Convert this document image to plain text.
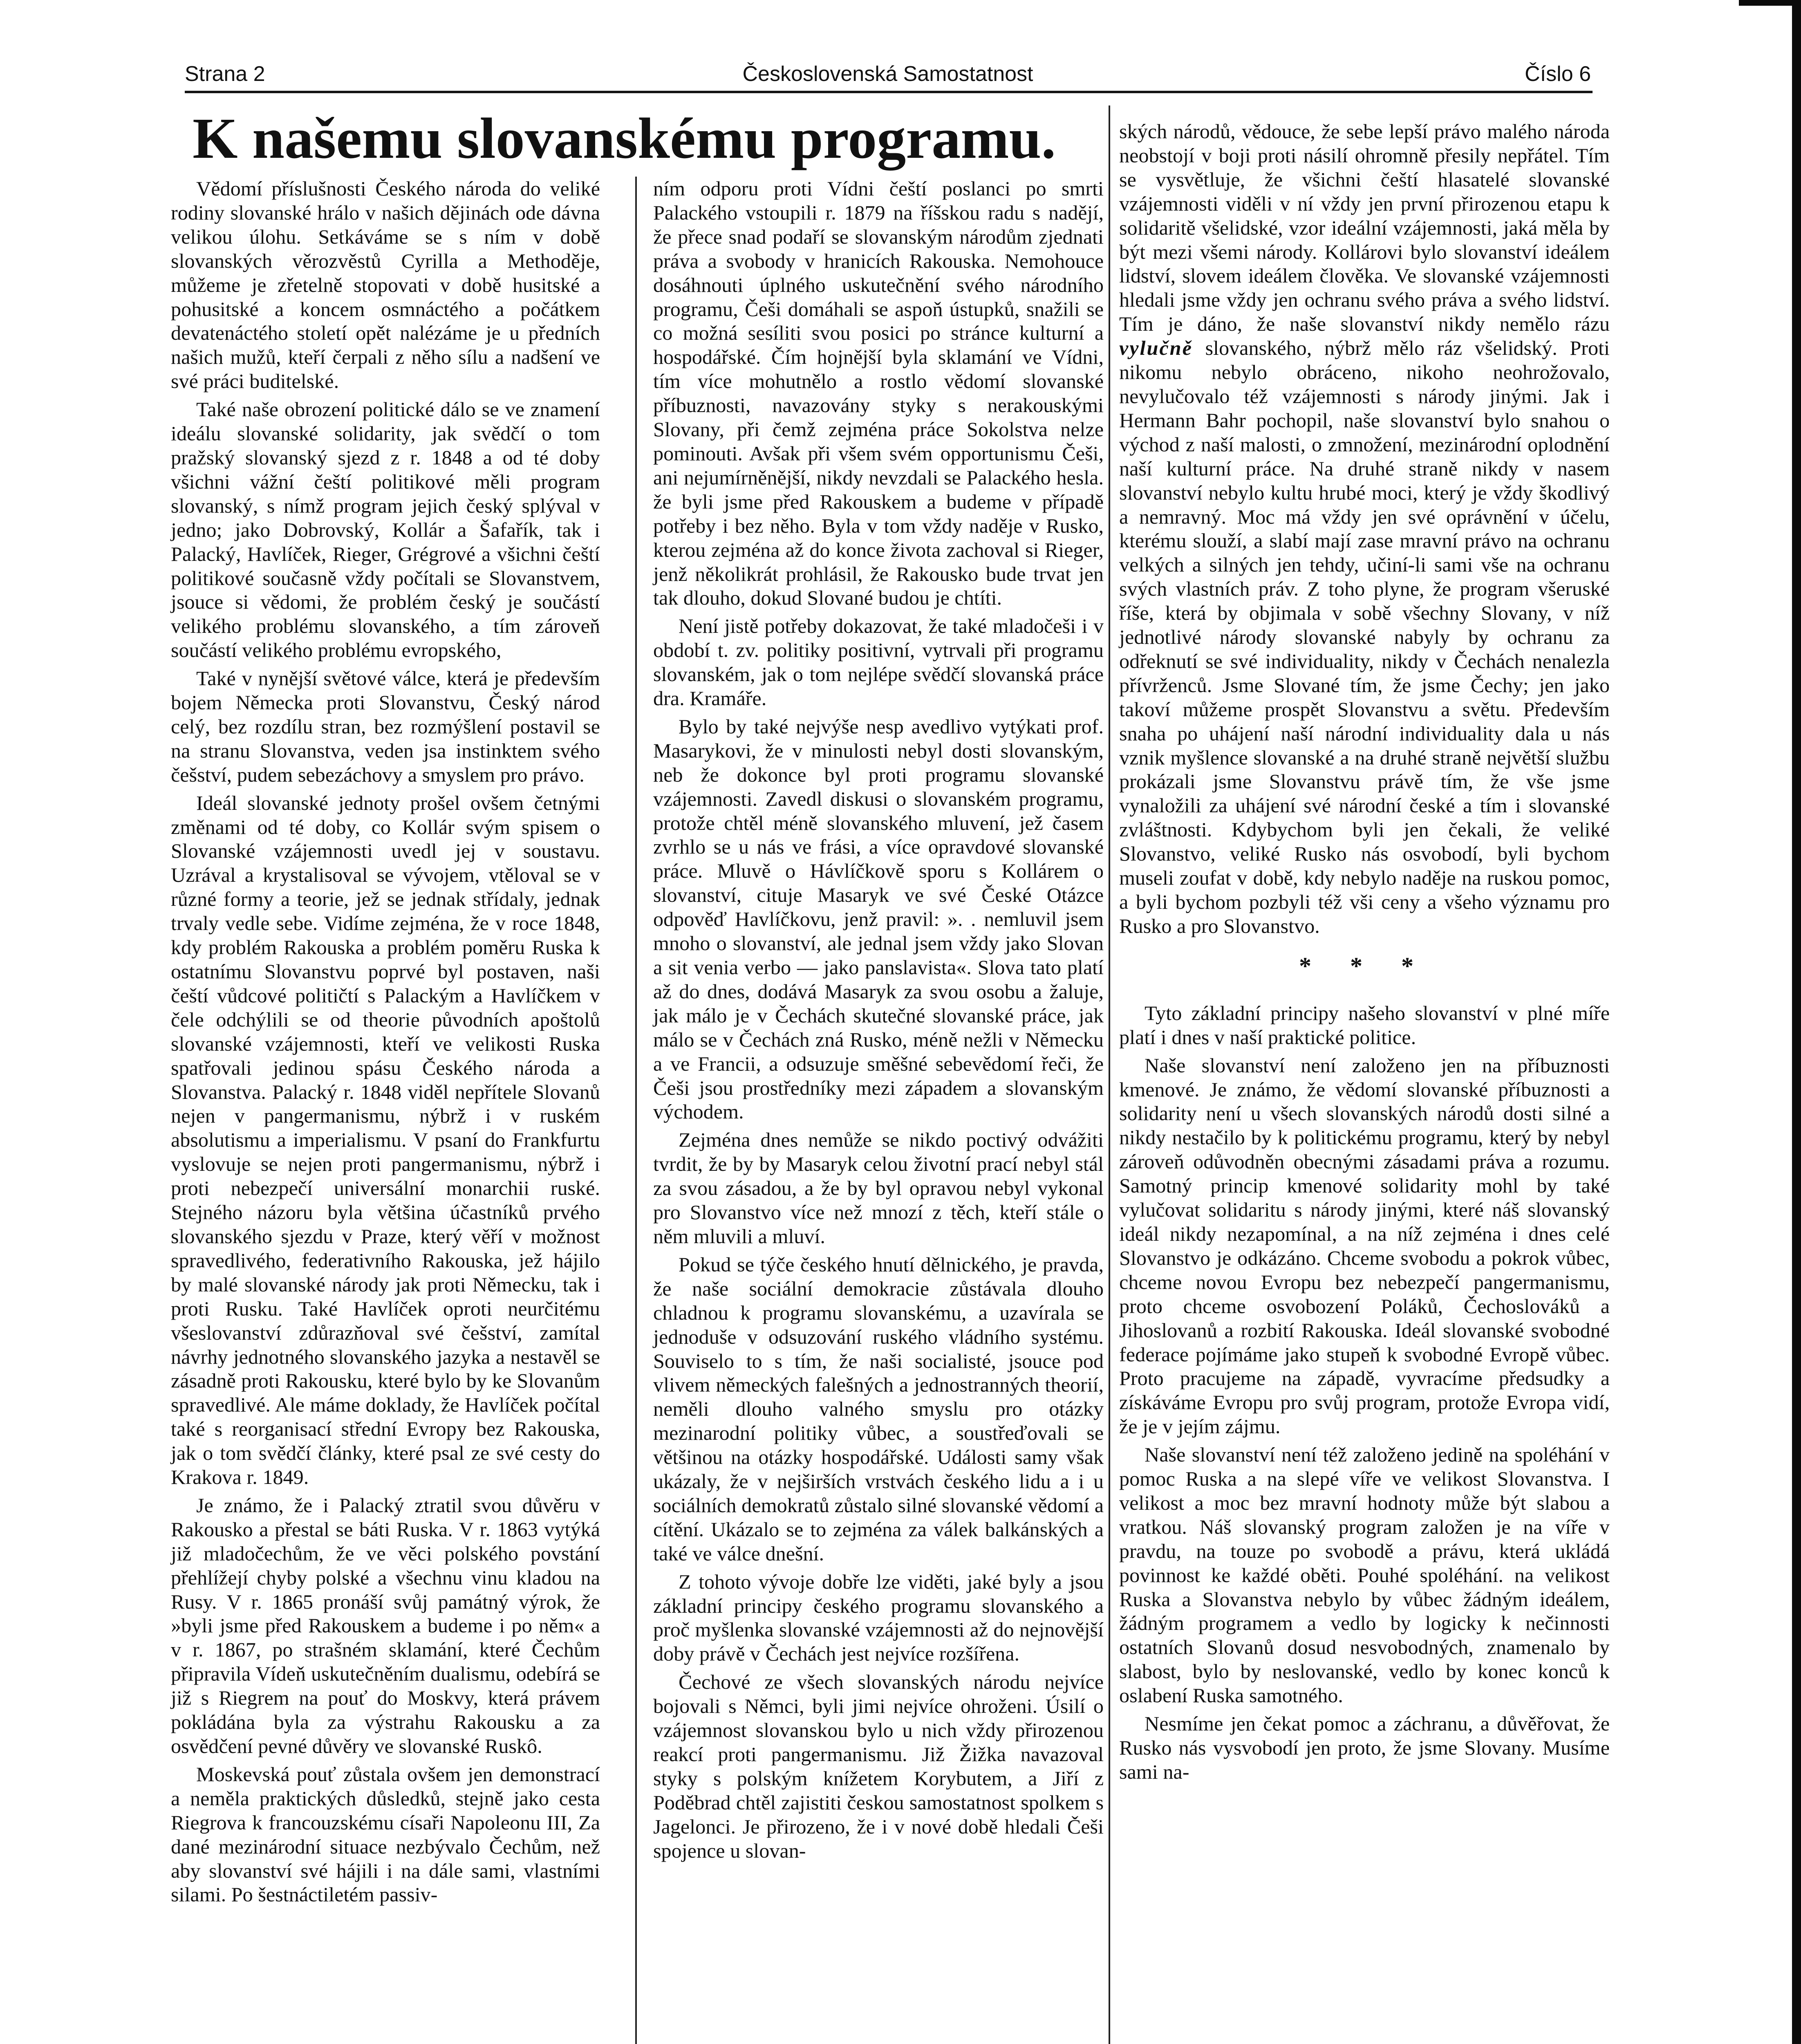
Strana 2	Československá Samostatnost	Číslo 6
K našemu slovanskému programu.

Vědomí příslušnosti Českého národa do veliké rodiny slovanské hrálo v našich dějinách ode dávna velikou úlohu. Setkáváme se s ním v době slovanských věrozvěstů Cyrilla a Methoděje, můžeme je zřetelně stopovati v době husitské a pohusitské a koncem osmnáctého a počátkem devatenáctého století opět nalézáme je u předních našich mužů, kteří čerpali z něho sílu a nadšení ve své práci buditelské.

Také naše obrození politické dálo se ve znamení ideálu slovanské solidarity, jak svědčí o tom pražský slovanský sjezd z r. 1848 a od té doby všichni vážní čeští politikové měli program slovanský, s nímž program jejich český splýval v jedno; jako Dobrovský, Kollár a Šafařík, tak i Palacký, Havlíček, Rieger, Grégrové a všichni čeští politikové současně vždy počítali se Slovanstvem, jsouce si vědomi, že problém český je součástí velikého problému slovanského, a tím zároveň součástí velikého problému evropského,

Také v nynější světové válce, která je především bojem Německa proti Slovanstvu, Český národ celý, bez rozdílu stran, bez rozmýšlení postavil se na stranu Slovanstva, veden jsa instinktem svého češství, pudem sebezáchovy a smyslem pro právo.

Ideál slovanské jednoty prošel ovšem četnými změnami od té doby, co Kollár svým spisem o Slovanské vzájemnosti uvedl jej v soustavu. Uzrával a krystalisoval se vývojem, vtěloval se v různé formy a teorie, jež se jednak střídaly, jednak trvaly vedle sebe. Vidíme zejména, že v roce 1848, kdy problém Rakouska a problém poměru Ruska k ostatnímu Slovanstvu poprvé byl postaven, naši čeští vůdcové političtí s Palackým a Havlíčkem v čele odchýlili se od theorie původních apoštolů slovanské vzájemnosti, kteří ve velikosti Ruska spatřovali jedinou spásu Českého národa a Slovanstva. Palacký r. 1848 viděl nepřítele Slovanů nejen v pangermanismu, nýbrž i v ruském absolutismu a imperialismu. V psaní do Frankfurtu vyslovuje se nejen proti pangermanismu, nýbrž i proti nebezpečí universální monarchii ruské. Stejného názoru byla většina účastníků prvého slovanského sjezdu v Praze, který věří v možnost spravedlivého, federativního Rakouska, jež hájilo by malé slovanské národy jak proti Německu, tak i proti Rusku. Také Havlíček oproti neurčitému všeslovanství zdůrazňoval své češství, zamítal návrhy jednotného slovanského jazyka a nestavěl se zásadně proti Rakousku, které bylo by ke Slovanům spravedlivé. Ale máme doklady, že Havlíček počítal také s reorganisací střední Evropy bez Rakouska, jak o tom svědčí články, které psal ze své cesty do Krakova r. 1849.

Je známo, že i Palacký ztratil svou důvěru v Rakousko a přestal se báti Ruska. V r. 1863 vytýká již mladočechům, že ve věci polského povstání přehlížejí chyby polské a všechnu vinu kladou na Rusy. V r. 1865 pronáší svůj památný výrok, že »byli jsme před Rakouskem a budeme i po něm« a v r. 1867, po strašném sklamání, které Čechům připravila Vídeň uskutečněním dualismu, odebírá se již s Riegrem na pouť do Moskvy, která právem pokládána byla za výstrahu Rakousku a za osvědčení pevné důvěry ve slovanské Ruskô.

Moskevská pouť zůstala ovšem jen demonstrací a neměla praktických důsledků, stejně jako cesta Riegrova k francouzskému císaři Napoleonu III, Za dané mezinárodní situace nezbývalo Čechům, než aby slovanství své hájili i na dále sami, vlastními silami. Po šestnáctiletém passiv-

ním odporu proti Vídni čeští poslanci po smrti Palackého vstoupili r. 1879 na říšskou radu s nadějí, že přece snad podaří se slovanským národům zjednati práva a svobody v hranicích Rakouska. Nemohouce dosáhnouti úplného uskutečnění svého národního programu, Češi domáhali se aspoň ústupků, snažili se co možná sesíliti svou posici po stránce kulturní a hospodářské. Čím hojnější byla sklamání ve Vídni, tím více mohutnělo a rostlo vědomí slovanské příbuznosti, navazovány styky s nerakouskými Slovany, při čemž zejména práce Sokolstva nelze pominouti. Avšak při všem svém opportunismu Češi, ani nejumírněnější, nikdy nevzdali se Palackého hesla. že byli jsme před Rakouskem a budeme v případě potřeby i bez něho. Byla v tom vždy naděje v Rusko, kterou zejména až do konce života zachoval si Rieger, jenž několikrát prohlásil, že Rakousko bude trvat jen tak dlouho, dokud Slované budou je chtíti.

Není jistě potřeby dokazovat, že také mladočeši i v období t. zv. politiky positivní, vytrvali při programu slovanském, jak o tom nejlépe svědčí slovanská práce dra. Kramáře.

Bylo by také nejvýše nesp avedlivo vytýkati prof. Masarykovi, že v minulosti nebyl dosti slovanským, neb že dokonce byl proti programu slovanské vzájemnosti. Zavedl diskusi o slovanském programu, protože chtěl méně slovanského mluvení, jež časem zvrhlo se u nás ve frási, a více opravdové slovanské práce. Mluvě o Hávlíčkově sporu s Kollárem o slovanství, cituje Masaryk ve své České Otázce odpověď Havlíčkovu, jenž pravil: ». . nemluvil jsem mnoho o slovanství, ale jednal jsem vždy jako Slovan a sit venia verbo — jako panslavista«. Slova tato platí až do dnes, dodává Masaryk za svou osobu a žaluje, jak málo je v Čechách skutečné slovanské práce, jak málo se v Čechách zná Rusko, méně nežli v Německu a ve Francii, a odsuzuje směšné sebevědomí řeči, že Češi jsou prostředníky mezi západem a slovanským východem.

Zejména dnes nemůže se nikdo poctivý odvážiti tvrdit, že by by Masaryk celou životní prací nebyl stál za svou zásadou, a že by byl opravou nebyl vykonal pro Slovanstvo více než mnozí z těch, kteří stále o něm mluvili a mluví.

Pokud se týče českého hnutí dělnického, je pravda, že naše sociální demokracie zůstávala dlouho chladnou k programu slovanskému, a uzavírala se jednoduše v odsuzování ruského vládního systému. Souviselo to s tím, že naši socialisté, jsouce pod vlivem německých falešných a jednostranných theorií, neměli dlouho valného smyslu pro otázky mezinarodní politiky vůbec, a soustřeďovali se většinou na otázky hospodářské. Události samy však ukázaly, že v nejširších vrstvách českého lidu a i u sociálních demokratů zůstalo silné slovanské vědomí a cítění. Ukázalo se to zejména za válek balkánských a také ve válce dnešní.

Z tohoto vývoje dobře lze viděti, jaké byly a jsou základní principy českého programu slovanského a proč myšlenka slovanské vzájemnosti až do nejnovější doby právě v Čechách jest nejvíce rozšířena.

Čechové ze všech slovanských národu nejvíce bojovali s Němci, byli jimi nejvíce ohroženi. Úsilí o vzájemnost slovanskou bylo u nich vždy přirozenou reakcí proti pangermanismu. Již Žižka navazoval styky s polským knížetem Korybutem, a Jiří z Poděbrad chtěl zajistiti českou samostatnost spolkem s Jagelonci. Je přirozeno, že i v nové době hledali Češi spojence u slovan-

ských národů, vědouce, že sebe lepší právo malého národa neobstojí v boji proti násilí ohromně přesily nepřátel. Tím se vysvětluje, že všichni čeští hlasatelé slovanské vzájemnosti viděli v ní vždy jen první přirozenou etapu k solidaritě všelidské, vzor ideální vzájemnosti, jaká měla by být mezi všemi národy. Kollárovi bylo slovanství ideálem lidství, slovem ideálem člověka. Ve slovanské vzájemnosti hledali jsme vždy jen ochranu svého práva a svého lidství. Tím je dáno, že naše slovanství nikdy nemělo rázu vylučně slovanského, nýbrž mělo ráz všelidský. Proti nikomu nebylo obráceno, nikoho neohrožovalo, nevylučovalo též vzájemnosti s národy jinými. Jak i Hermann Bahr pochopil, naše slovanství bylo snahou o východ z naší malosti, o zmnožení, mezinárodní oplodnění naší kulturní práce. Na druhé straně nikdy v nasem slovanství nebylo kultu hrubé moci, který je vždy škodlivý a nemravný. Moc má vždy jen své oprávnění v účelu, kterému slouží, a slabí mají zase mravní právo na ochranu velkých a silných jen tehdy, učiní-li sami vše na ochranu svých vlastních práv. Z toho plyne, že program všeruské říše, která by objimala v sobě všechny Slovany, v níž jednotlivé národy slovanské nabyly by ochranu za odřeknutí se své individuality, nikdy v Čechách nenalezla přívrženců. Jsme Slované tím, že jsme Čechy; jen jako takoví můžeme prospět Slovanstvu a světu. Především snaha po uhájení naší národní individuality dala u nás vznik myšlence slovanské a na druhé straně největší službu prokázali jsme Slovanstvu právě tím, že vše jsme vynaložili za uhájení své národní české a tím i slovanské zvláštnosti. Kdybychom byli jen čekali, že veliké Slovanstvo, veliké Rusko nás osvobodí, byli bychom museli zoufat v době, kdy nebylo naděje na ruskou pomoc, a byli bychom pozbyli též vši ceny a všeho významu pro Rusko a pro Slovanstvo.

* * *

Tyto základní principy našeho slovanství v plné míře platí i dnes v naší praktické politice.

Naše slovanství není založeno jen na příbuznosti kmenové. Je známo, že vědomí slovanské příbuznosti a solidarity není u všech slovanských národů dosti silné a nikdy nestačilo by k politickému programu, který by nebyl zároveň odůvodněn obecnými zásadami práva a rozumu. Samotný princip kmenové solidarity mohl by také vylučovat solidaritu s národy jinými, které náš slovanský ideál nikdy nezapomínal, a na níž zejména i dnes celé Slovanstvo je odkázáno. Chceme svobodu a pokrok vůbec, chceme novou Evropu bez nebezpečí pangermanismu, proto chceme osvobození Poláků, Čechoslováků a Jihoslovanů a rozbití Rakouska. Ideál slovanské svobodné federace pojímáme jako stupeň k svobodné Evropě vůbec. Proto pracujeme na západě, vyvracíme předsudky a získáváme Evropu pro svůj program, protože Evropa vidí, že je v jejím zájmu.

Naše slovanství není též založeno jedině na spoléhání v pomoc Ruska a na slepé víře ve velikost Slovanstva. I velikost a moc bez mravní hodnoty může být slabou a vratkou. Náš slovanský program založen je na víře v pravdu, na touze po svobodě a právu, která ukládá povinnost ke každé oběti. Pouhé spoléhání. na velikost Ruska a Slovanstva nebylo by vůbec žádným ideálem, žádným programem a vedlo by logicky k nečinnosti ostatních Slovanů dosud nesvobodných, znamenalo by slabost, bylo by neslovanské, vedlo by konec konců k oslabení Ruska samotného.

Nesmíme jen čekat pomoc a záchranu, a důvěřovat, že Rusko nás vysvobodí jen proto, že jsme Slovany. Musíme sami na-
